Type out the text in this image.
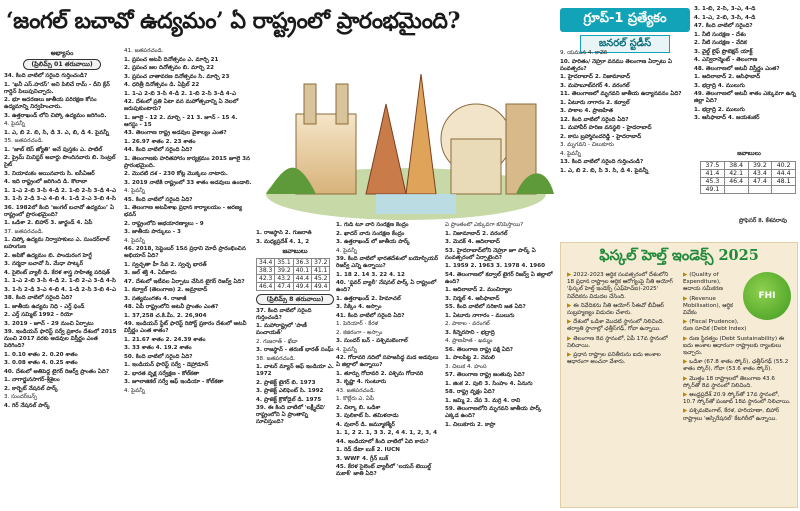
‘జంగల్ బచావో ఉద్యమం’ ఏ రాష్ట్రంలో ప్రారంభమైంది?
అభ్యాసం
(ప్రిలిమ్స్ 01 తరువాయి)
34. కింది వాటిలో సరైంది గుర్తించండి?
1. ‘ఖనీ ఎస్.హరస్’ అని పిలిచే రామ్ - దీని క్రేన్ గార్డెన్ పిలుపునిచ్చారు.
2. భూ ఆదరణలు జాతీయ పరిరక్షణ కోసం ఉద్యమాన్ని నిర్వహించారు.
3. ఉత్తరాఖండ్ లోని చిప్కో ఉద్యమం జరిగింది.
4. పైవన్నీ
1. ఎ, బి 2. బి, సి, డి 3. ఎ, బి, డి 4. పైవన్నీ
35. జతపరచండి.
1. ‘జాబ్ లెస్ జ్యోతి’ అనే పుస్తకం ఎ. పాటిల్
2. ప్రైమ్ మినిస్టర్ అవార్డు పొందినవారు బి. సెంట్రల్ సైట్
3. నియామకం అయినవారు సి. ఐసీఏఆర్
4. ఇది రాష్ట్రంలో జరిగింది డి. కొలాబా
1. 1-ఎ 2-బి 3-సి 4-డి 2. 1-బి 2-సి 3-డి 4-ఎ
3. 1-సి 2-డి 3-ఎ 4-బి 4. 1-డి 2-ఎ 3-బి 4-సి
36. 1982లో కింది ‘జంగల్ బచావో ఉద్యమం’ ఏ రాష్ట్రంలో ప్రారంభమైంది?
1. ఒడిశా 2. బిహార్ 3. జార్ఖండ్ 4. ఏపీ
37. జతపరచండి.
1. చిప్కో ఉద్యమ నిర్వాహకులు ఎ. సుందర్‌లాల్ బహుగుణ
2. అపికో ఉద్యమం బి. పాండురంగ హెగ్డే
3. నర్మదా బచావో సి. మేధా పాట్కర్
4. సైలెంట్ వ్యాలీ డి. కేరళ శాస్త్ర సాహిత్య పరిషత్
1. 1-ఎ 2-బి 3-సి 4-డి 2. 1-బి 2-ఎ 3-డి 4-సి
3. 1-సి 2-డి 3-ఎ 4-బి 4. 1-డి 2-సి 3-బి 4-ఎ
38. కింది వాటిలో సరైంది ఏది?
1. జాతీయ ఉద్యమ నిధి - ఎర్త్ ఫండ్
2. ఎర్త్ సమ్మిట్ 1992 - రియో
3. 2019 - జూన్ - 29 నుంచి ఏర్పాటు
39. ఇండియన్ ఫారెస్ట్ సర్వే ప్రకారం దేశంలో 2015 నుంచి 2017 వరకు అడవుల విస్తీర్ణం ఎంత పెరిగింది?
1. 0.10 శాతం 2. 0.20 శాతం
3. 0.08 శాతం 4. 0.25 శాతం
40. దేశంలో అతిపెద్ద టైగర్ రిజర్వ్ ప్రాంతం ఏది?
1. నాగార్జునసాగర్-శ్రీశైలం
2. కార్బెట్ నేషనల్ పార్క్
3. సుందర్‌బన్స్
4. గిర్ నేషనల్ పార్క్
41. జతపరచండి.
1. ప్రపంచ అటవీ దినోత్సవం ఎ. మార్చి 21
2. ప్రపంచ జల దినోత్సవం బి. మార్చి 22
3. ప్రపంచ వాతావరణ దినోత్సవం సి. మార్చి 23
4. ధరిత్రీ దినోత్సవం డి. ఏప్రిల్ 22
1. 1-ఎ 2-బి 3-సి 4-డి 2. 1-బి 2-సి 3-డి 4-ఎ
42. దేశంలో ప్రతి ఏటా వన మహోత్సవాన్ని ఏ నెలలో జరుపుకుంటారు?
1. జూలై - 12 2. మార్చి - 21 3. జూన్ - 15 4. ఆగస్టు - 15
43. తెలంగాణ రాష్ట్ర అడవుల వైశాల్యం ఎంత?
1. 26.97 శాతం 2. 23 శాతం
44. కింది వాటిలో సరైంది ఏది?
1. తెలంగాణకు హరితహారం కార్యక్రమం 2015 జూలై 3న ప్రారంభమైంది.
2. మొదటి దశ - 230 కోట్ల మొక్కలు నాటారు.
3. 2019 నాటికి రాష్ట్రంలో 33 శాతం అడవులు ఉండాలి.
4. పైవన్నీ
45. కింది వాటిలో సరైంది ఏది?
1. తెలంగాణ అటవీశాఖ ప్రధాన కార్యాలయం - అరణ్య భవన్
2. రాష్ట్రంలోని అభయారణ్యాలు - 9
3. జాతీయ పార్కులు - 3
4. పైవన్నీ
46. 2018, సెప్టెంబర్ 15న ప్రధాని మోదీ ప్రారంభించిన అభియాన్ ఏది?
1. స్వచ్ఛతా హీ సేవ 2. స్వచ్ఛ భారత్
3. జల్ శక్తి 4. ఏదీకాదు
47. దేశంలో ఇటీవల ఏర్పాటు చేసిన టైగర్ రిజర్వ్ ఏది?
1. కవ్వాల్ (తెలంగాణ) 2. అమ్రాబాద్
3. సత్యమంగళం 4. రాజాజీ
48. ఏపీ రాష్ట్రంలోని అటవీ ప్రాంతం ఎంత?
1. 37,258 చ.కి.మీ. 2. 26,904
49. ఇండియన్ స్టేట్ ఫారెస్ట్ రిపోర్ట్ ప్రకారం దేశంలో అటవీ విస్తీర్ణం ఎంత శాతం?
1. 21.67 శాతం 2. 24.39 శాతం
3. 33 శాతం 4. 19.2 శాతం
50. కింది వాటిలో సరైంది ఏది?
1. ఇండియన్ ఫారెస్ట్ సర్వే - డెహ్రాడూన్
2. భారత వృక్ష సర్వేక్షణ - కోల్‌కతా
3. జూలాజికల్ సర్వే ఆఫ్ ఇండియా - కోల్‌కతా
4. పైవన్నీ
1. రాజస్థాన్ 2. గుజరాత్
3. మధ్యప్రదేశ్ 4. 1, 2
జవాబులు
34.4	35.1	36.3	37.2
38.3	39.2	40.1	41.1
42.3	43.2	44.4	45.2
46.4	47.4	49.4	49.4
(ప్రిలిమ్స్ 8 తరువాయి)
37. కింది వాటిలో సరైంది గుర్తించండి?
1. మహారాష్ట్రలో 'పాణీ పంచాయత్'
2. గుజరాత్ - ఖేడా
3. రాజస్థాన్ - తరుణ్ భారత్ సంఘ్
38. జతపరచండి.
1. వాటర్ మ్యాన్ ఆఫ్ ఇండియా ఎ. 1972
2. ప్రాజెక్ట్ టైగర్ బి. 1973
3. ప్రాజెక్ట్ ఎలిఫెంట్ సి. 1992
4. ప్రాజెక్ట్ క్రొకోడైల్ డి. 1975
39. ఈ కింది వాటిలో 'లక్ష్మీదేవి' రాష్ట్రంలోని ఏ ప్రాంతాన్ని సూచిస్తుంది?
1. గుడ్ టూ వార్ సంరక్షణ కేంద్రం
2. ఖాదర్ వారు సంరక్షణ కేంద్రం
3. ఉత్తరాఖండ్ లో జాతీయ పార్క్
4. పైవన్నీ
39. కింది వాటిలో భారతదేశంలో బయోస్ఫియర్ రిజర్వ్ ఎన్ని ఉన్నాయి?
1. 18 2. 14 3. 22 4. 12
40. 'ఫ్లవర్ వ్యాలీ' నేషనల్ పార్క్ ఏ రాష్ట్రంలో ఉంది?
1. ఉత్తరాఖండ్ 2. హిమాచల్
3. సిక్కిం 4. అస్సాం
41. కింది వాటిలో సరైంది ఏది?
1. పెరియార్ - కేరళ
2. కజిరంగా - అస్సాం
3. సుందర్ బన్ - పశ్చిమబెంగాల్
4. పైవన్నీ
42. గోదావరి నదిలో సహజసిద్ధ మడ అడవులు ఏ జిల్లాలో ఉన్నాయి?
1. తూర్పు గోదావరి 2. పశ్చిమ గోదావరి
3. కృష్ణా 4. గుంటూరు
43. జతపరచండి.
1. కొల్లేరు ఎ. ఏపీ
2. చిల్కా బి. ఒడిశా
3. పులికాట్ సి. తమిళనాడు
4. వులార్ డి. జమ్మూకశ్మీర్
1. 1, 2 2. 1, 3 3. 2, 4 4. 1, 2, 3, 4
44. ఇండియాలో కింది వాటిలో ఏది కాదు?
1. రెడ్ డేటా బుక్ 2. IUCN
3. WWF 4. గ్రీన్ బుక్
45. కేరళ సైలెంట్ వ్యాలీలో 'లయన్ టెయిల్డ్ మకాక్' జాతి ఏది?
ఏ ప్రాంతంలో ఎక్కువగా కనిపిస్తాయి?
1. నిజామాబాద్ 2. వరంగల్
3. మెదక్ 4. ఆదిలాబాద్
53. హైదరాబాద్‌లోని నెహ్రూ జూ పార్క్ ఏ సంవత్సరంలో ఏర్పాటైంది?
1. 1959 2. 1963 3. 1978 4. 1960
54. తెలంగాణలో కవ్వాల్ టైగర్ రిజర్వ్ ఏ జిల్లాలో ఉంది?
1. ఆదిలాబాద్ 2. మంచిర్యాల
3. నిర్మల్ 4. ఆసిఫాబాద్
55. కింది వాటిలో సరికాని జత ఏది?
1. ఏటూరు నాగారం - ములుగు
2. పాకాల - వరంగల్
3. కిన్నెరసాని - భద్రాద్రి
4. ప్రాణహిత - ఖమ్మం
56. తెలంగాణ రాష్ట్ర పక్షి ఏది?
1. పాలపిట్ట 2. నెమలి
3. చిలుక 4. హంస
57. తెలంగాణ రాష్ట్ర జంతువు ఏది?
1. జింక 2. పులి 3. సింహం 4. ఏనుగు
58. రాష్ట్ర వృక్షం ఏది?
1. జమ్మి 2. వేప 3. మర్రి 4. రావి
59. తెలంగాణలోని మృగవని జాతీయ పార్క్ ఎక్కడ ఉంది?
1. చిలుకూరు 2. కాప్రా
గ్రూప్-1 ప్రత్యేకం
జనరల్ స్టడీస్
9. యమున 4. కావేరి
10. హరితం/ నెహ్రూ వనము తెలంగాణ ఏర్పాటు ఏ సంవత్సరం?
1. హైదరాబాద్ 2. నిజామాబాద్
3. మహబూబ్‌నగర్ 4. వరంగల్
11. తెలంగాణలో మృగవని జాతీయ ఉద్యానవనం ఏది?
1. ఏటూరు నాగారం 2. కవ్వాల్
3. పాకాల 4. ప్రాణహిత
12. కింది వాటిలో సరైంది ఏది?
1. మహావీర్ హరిణ వనస్థలి - హైదరాబాద్
2. కాసు బ్రహ్మానందరెడ్డి - హైదరాబాద్
3. మృగవని - చిలుకూరు
4. పైవన్నీ
13. కింది వాటిలో సరైంది గుర్తించండి?
1. ఎ, బి 2. బి, సి 3. సి, డి 4. పైవన్నీ
3. 1-బి, 2-సి, 3-ఎ, 4-డి
4. 1-ఎ, 2-బి, 3-సి, 4-డి
47. కింది వాటిలో సరైంది?
1. నీటి సంరక్షణ - దేశం
2. నీటి సంరక్షణ - వేదిక
3. వైల్డ్ లైఫ్ ప్రొటెక్షన్ యాక్ట్
4. ఎన్విరాన్మెంట్ - తెలంగాణ
48. తెలంగాణలో అటవీ విస్తీర్ణం ఎంత?
1. ఆదిలాబాద్ 2. ఆసిఫాబాద్
3. భద్రాద్రి 4. ములుగు
49. తెలంగాణలో అటవీ శాతం ఎక్కువగా ఉన్న జిల్లా ఏది?
1. భద్రాద్రి 2. ములుగు
3. ఆసిఫాబాద్ 4. జయశంకర్
జవాబులు
37.5	38.4	39.2	40.2
41.4	42.1	43.4	44.4
45.3	46.4	47.4	48.1
49.1			
ప్రొఫెసర్ కె. కేశవరావు
ఫిస్కల్ హెల్త్ ఇండెక్స్ 2025

▶ 2022-2023 ఆర్థిక సంవత్సరంలో దేశంలోని 18 ప్రధాన రాష్ట్రాల ఆర్థిక ఆరోగ్యంపై నీతి ఆయోగ్ 'ఫిస్కల్ హెల్త్ ఇండెక్స్ (ఎఫ్‌హెచ్ఐ)-2025' నివేదికను విడుదల చేసింది.

▶ ఈ నివేదికను నీతి ఆయోగ్ సీఈవో బీవీఆర్ సుబ్రహ్మణ్యం విడుదల చేశారు.

▶ దేశంలో ఒడిశా మొదటి స్థానంలో నిలిచింది. తర్వాతి స్థానాల్లో ఛత్తీస్‌గఢ్, గోవా ఉన్నాయి.

▶ తెలంగాణ 8వ స్థానంలో, ఏపీ 17వ స్థానంలో నిలిచాయి.

▶ ప్రధాన రాష్ట్రాల పనితీరును ఐదు అంశాల ఆధారంగా అంచనా వేశారు.

FHI

▶ (Quality of Expenditure), ఆదాయ సమీకరణ

▶ (Revenue Mobilisation), ఆర్థిక వివేకం

▶ (Fiscal Prudence), రుణ సూచిక (Debt Index)

▶ రుణ స్థిరత్వం (Debt Sustainability) ఈ ఐదు అంశాల ఆధారంగా రాష్ట్రాలకు ర్యాంకులు ఇచ్చారు.

▶ ఒడిశా (67.8 శాతం స్కోర్), ఛత్తీస్‌గఢ్ (55.2 శాతం స్కోర్), గోవా (53.6 శాతం స్కోర్).

▶ మొత్తం 18 రాష్ట్రాలలో తెలంగాణ 43.6 స్కోర్‌తో 8వ స్థానంలో నిలిచింది.

▶ ఆంధ్రప్రదేశ్ 20.9 స్కోర్‌తో 17వ స్థానంలో, 10.7 స్కోర్‌తో పంజాబ్ 18వ స్థానంలో నిలిచాయి.

▶ పశ్చిమబెంగాల్, కేరళ, హరియాణా, బిహార్ రాష్ట్రాలు 'ఆస్పిరేషనల్' కేటగిరీలో ఉన్నాయి.
